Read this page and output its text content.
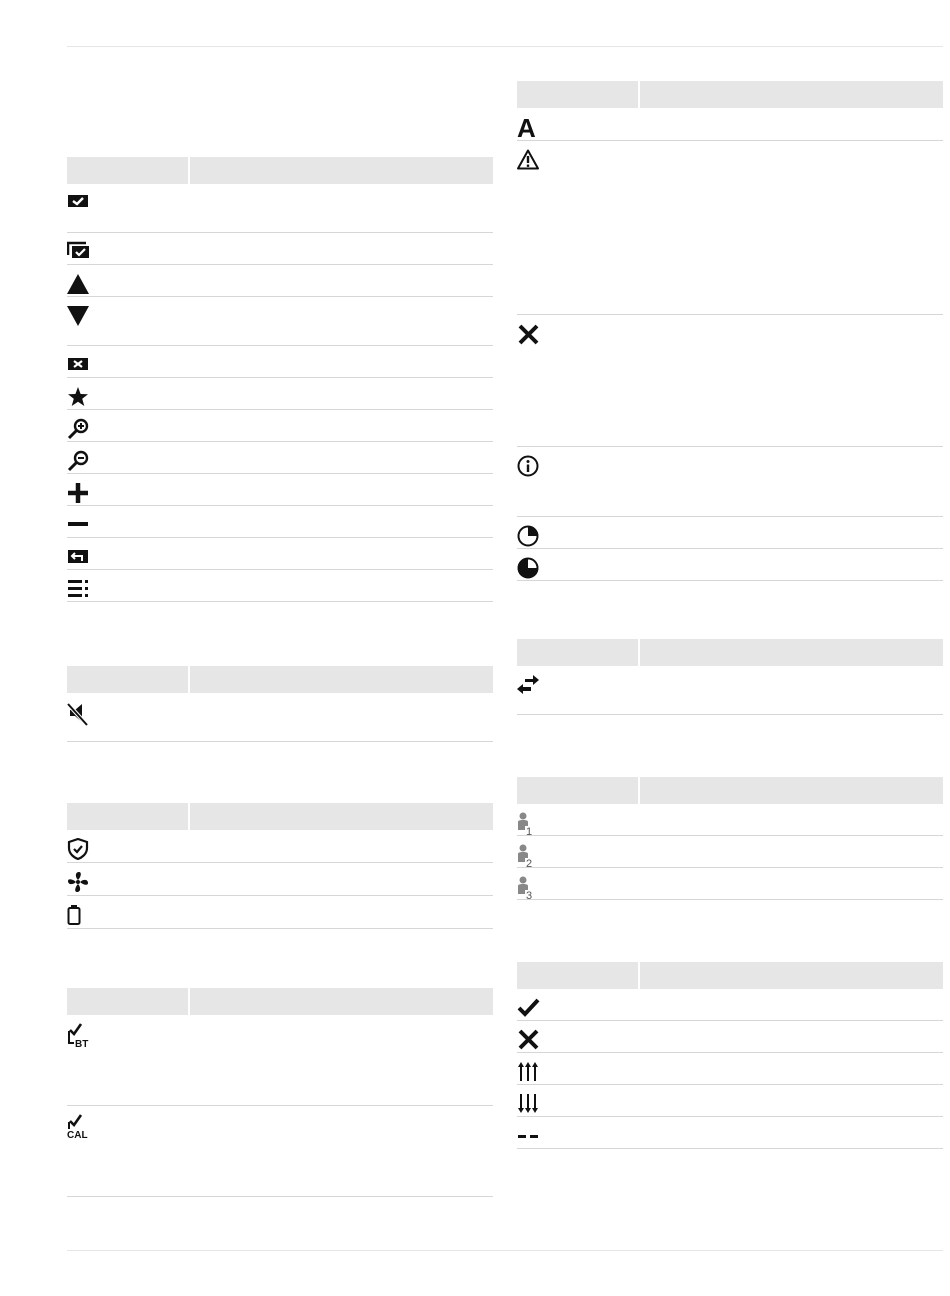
BT
CAL
A
1
2
3
